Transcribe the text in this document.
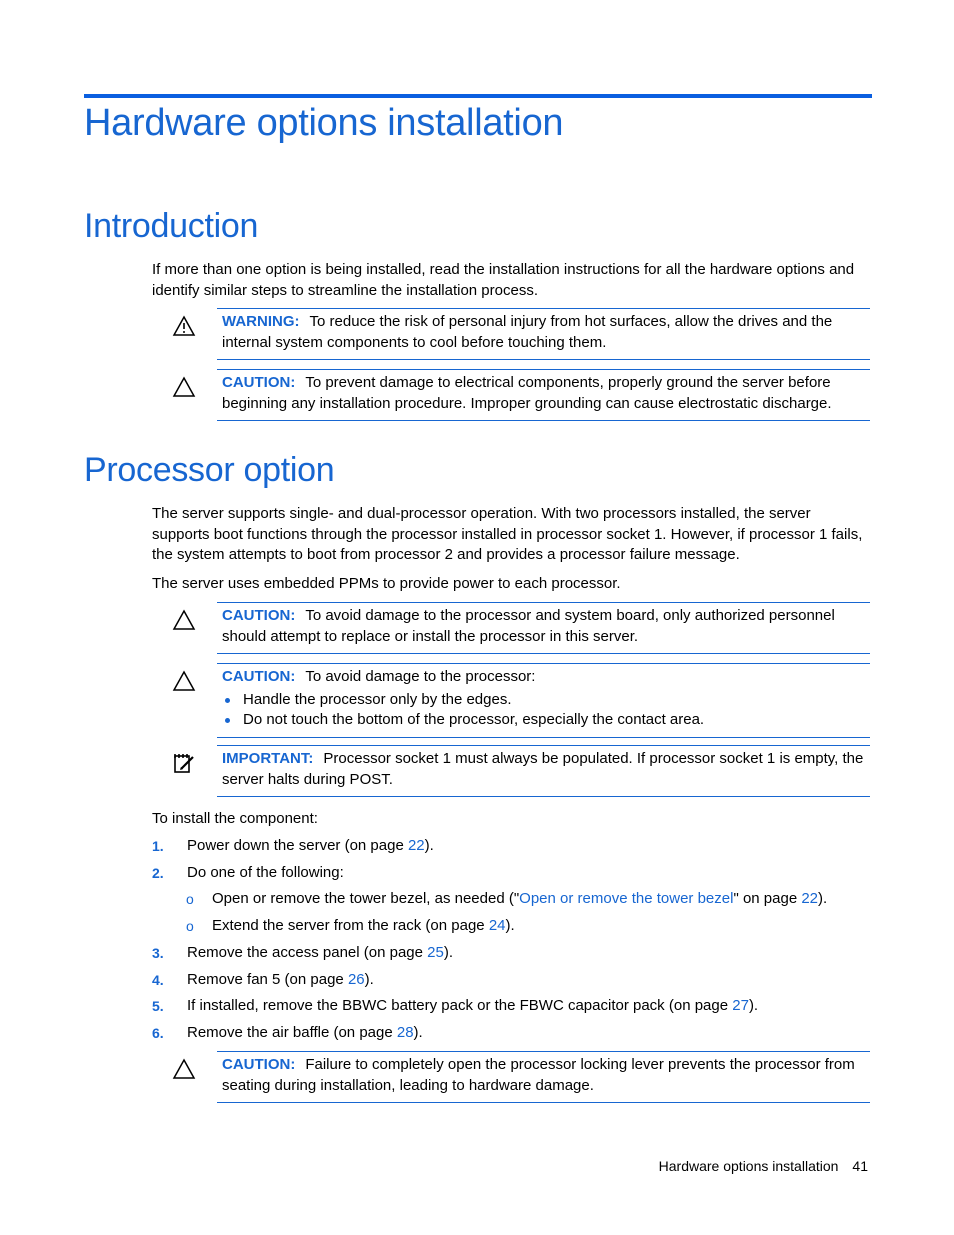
Hardware options installation
Introduction

If more than one option is being installed, read the installation instructions for all the hardware options and identify similar steps to streamline the installation process.

WARNING: To reduce the risk of personal injury from hot surfaces, allow the drives and the internal system components to cool before touching them.
CAUTION: To prevent damage to electrical components, properly ground the server before beginning any installation procedure. Improper grounding can cause electrostatic discharge.
Processor option

The server supports single- and dual-processor operation. With two processors installed, the server supports boot functions through the processor installed in processor socket 1. However, if processor 1 fails, the system attempts to boot from processor 2 and provides a processor failure message.

The server uses embedded PPMs to provide power to each processor.

CAUTION: To avoid damage to the processor and system board, only authorized personnel should attempt to replace or install the processor in this server.
CAUTION: To avoid damage to the processor:
Handle the processor only by the edges.
Do not touch the bottom of the processor, especially the contact area.
IMPORTANT: Processor socket 1 must always be populated. If processor socket 1 is empty, the server halts during POST.

To install the component:

1. Power down the server (on page 22).
2. Do one of the following:
o Open or remove the tower bezel, as needed ("Open or remove the tower bezel" on page 22).
o Extend the server from the rack (on page 24).
3. Remove the access panel (on page 25).
4. Remove fan 5 (on page 26).
5. If installed, remove the BBWC battery pack or the FBWC capacitor pack (on page 27).
6. Remove the air baffle (on page 28).
CAUTION: Failure to completely open the processor locking lever prevents the processor from seating during installation, leading to hardware damage.
Hardware options installation 41
